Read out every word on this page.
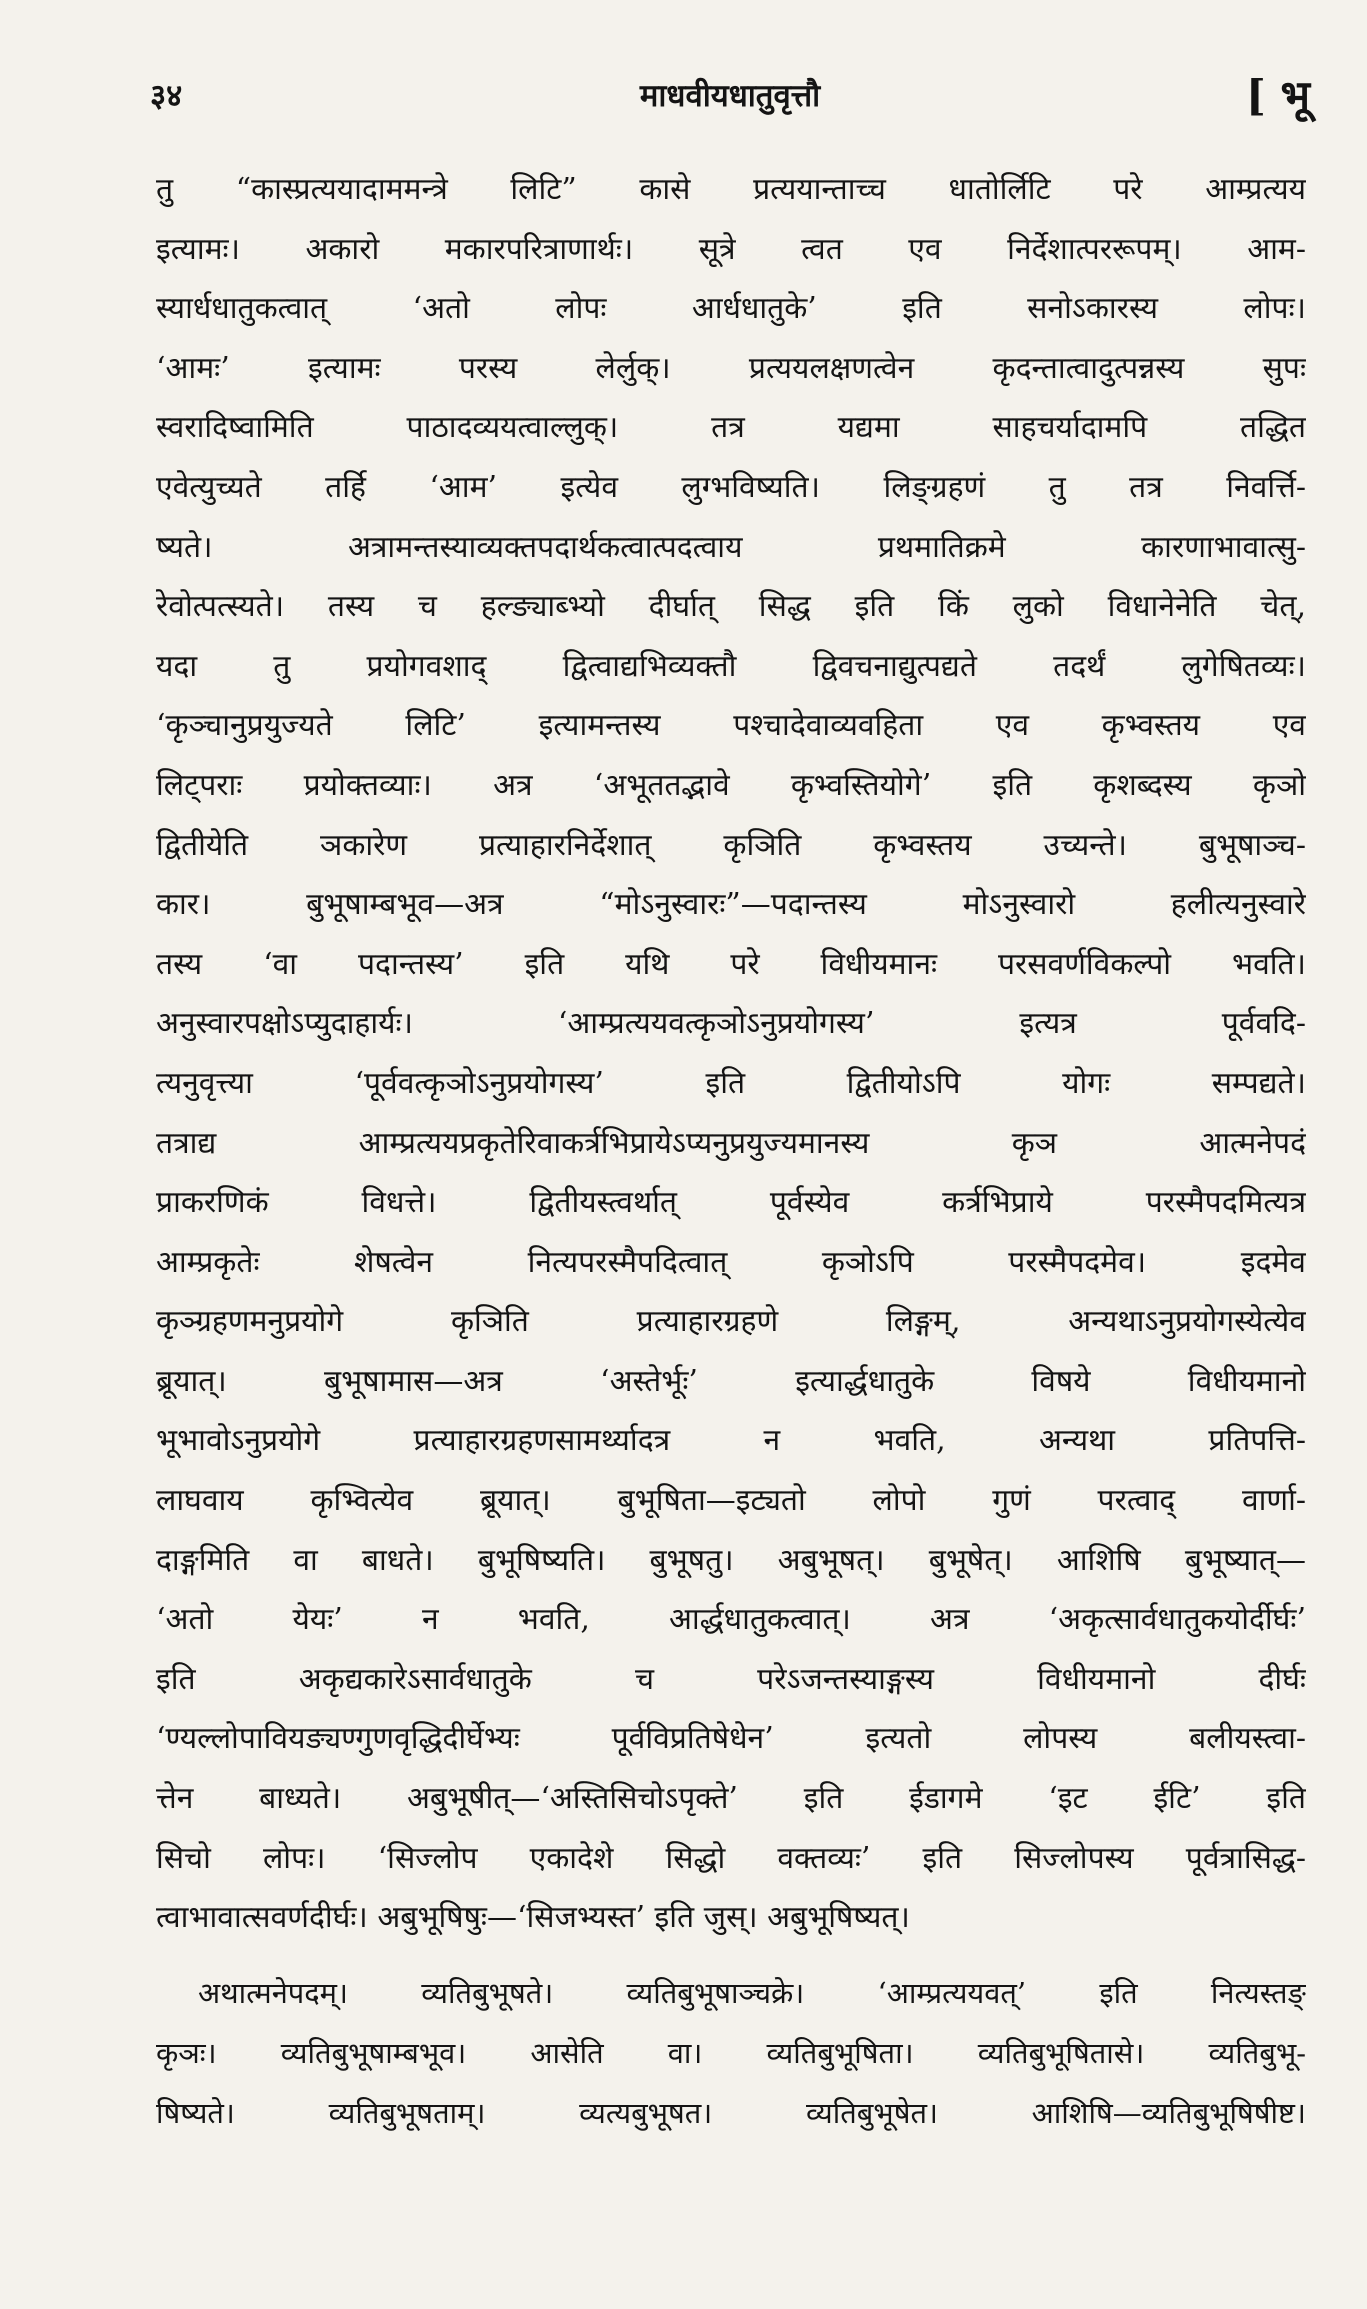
३४	माधवीयधातुवृत्तौ	[ भू
तु “कास्प्रत्ययादाममन्त्रे लिटि” कासे प्रत्ययान्ताच्च धातोर्लिटि परे आम्प्रत्यय
इत्यामः। अकारो मकारपरित्राणार्थः। सूत्रे त्वत एव निर्देशात्पररूपम्। आम-
स्यार्धधातुकत्वात् ‘अतो लोपः आर्धधातुके’ इति सनोऽकारस्य लोपः।
‘आमः’ इत्यामः परस्य लेर्लुक्। प्रत्ययलक्षणत्वेन कृदन्तात्वादुत्पन्नस्य सुपः
स्वरादिष्वामिति पाठादव्ययत्वाल्लुक्। तत्र यद्यमा साहचर्यादामपि तद्धित
एवेत्युच्यते तर्हि ‘आम’ इत्येव लुग्भविष्यति। लिङ्ग्रहणं तु तत्र निवर्त्ति-
ष्यते। अत्रामन्तस्याव्यक्तपदार्थकत्वात्पदत्वाय प्रथमातिक्रमे कारणाभावात्सु-
रेवोत्पत्स्यते। तस्य च हल्ङ्याब्भ्यो दीर्घात् सिद्ध इति किं लुको विधानेनेति चेत्,
यदा तु प्रयोगवशाद् द्वित्वाद्यभिव्यक्तौ द्विवचनाद्युत्पद्यते तदर्थं लुगेषितव्यः।
‘कृञ्चानुप्रयुज्यते लिटि’ इत्यामन्तस्य पश्चादेवाव्यवहिता एव कृभ्वस्तय एव
लिट्पराः प्रयोक्तव्याः। अत्र ‘अभूततद्भावे कृभ्वस्तियोगे’ इति कृशब्दस्य कृञो
द्वितीयेति ञकारेण प्रत्याहारनिर्देशात् कृञिति कृभ्वस्तय उच्यन्ते। बुभूषाञ्च-
कार। बुभूषाम्बभूव—अत्र “मोऽनुस्वारः”—पदान्तस्य मोऽनुस्वारो हलीत्यनुस्वारे
तस्य ‘वा पदान्तस्य’ इति यथि परे विधीयमानः परसवर्णविकल्पो भवति।
अनुस्वारपक्षोऽप्युदाहार्यः। ‘आम्प्रत्ययवत्कृञोऽनुप्रयोगस्य’ इत्यत्र पूर्ववदि-
त्यनुवृत्त्या ‘पूर्ववत्कृञोऽनुप्रयोगस्य’ इति द्वितीयोऽपि योगः सम्पद्यते।
तत्राद्य आम्प्रत्ययप्रकृतेरिवाकर्त्रभिप्रायेऽप्यनुप्रयुज्यमानस्य कृञ आत्मनेपदं
प्राकरणिकं विधत्ते। द्वितीयस्त्वर्थात् पूर्वस्येव कर्त्रभिप्राये परस्मैपदमित्यत्र
आम्प्रकृतेः शेषत्वेन नित्यपरस्मैपदित्वात् कृञोऽपि परस्मैपदमेव। इदमेव
कृञ्ग्रहणमनुप्रयोगे कृञिति प्रत्याहारग्रहणे लिङ्गम्, अन्यथाऽनुप्रयोगस्येत्येव
ब्रूयात्। बुभूषामास—अत्र ‘अस्तेर्भूः’ इत्यार्द्धधातुके विषये विधीयमानो
भूभावोऽनुप्रयोगे प्रत्याहारग्रहणसामर्थ्यादत्र न भवति, अन्यथा प्रतिपत्ति-
लाघवाय कृभ्वित्येव ब्रूयात्। बुभूषिता—इट्यतो लोपो गुणं परत्वाद् वार्णा-
दाङ्गमिति वा बाधते। बुभूषिष्यति। बुभूषतु। अबुभूषत्। बुभूषेत्। आशिषि बुभूष्यात्—
‘अतो येयः’ न भवति, आर्द्धधातुकत्वात्। अत्र ‘अकृत्सार्वधातुकयोर्दीर्घः’
इति अकृद्यकारेऽसार्वधातुके च परेऽजन्तस्याङ्गस्य विधीयमानो दीर्घः
‘ण्यल्लोपावियङ्यण्गुणवृद्धिदीर्घेभ्यः पूर्वविप्रतिषेधेन’ इत्यतो लोपस्य बलीयस्त्वा-
त्तेन बाध्यते। अबुभूषीत्—‘अस्तिसिचोऽपृक्ते’ इति ईडागमे ‘इट ईटि’ इति
सिचो लोपः। ‘सिज्लोप एकादेशे सिद्धो वक्तव्यः’ इति सिज्लोपस्य पूर्वत्रासिद्ध-
त्वाभावात्सवर्णदीर्घः। अबुभूषिषुः—‘सिजभ्यस्त’ इति जुस्। अबुभूषिष्यत्।
अथात्मनेपदम्। व्यतिबुभूषते। व्यतिबुभूषाञ्चक्रे। ‘आम्प्रत्ययवत्’ इति नित्यस्तङ्
कृञः। व्यतिबुभूषाम्बभूव। आसेति वा। व्यतिबुभूषिता। व्यतिबुभूषितासे। व्यतिबुभू-
षिष्यते। व्यतिबुभूषताम्। व्यत्यबुभूषत। व्यतिबुभूषेत। आशिषि—व्यतिबुभूषिषीष्ट।
